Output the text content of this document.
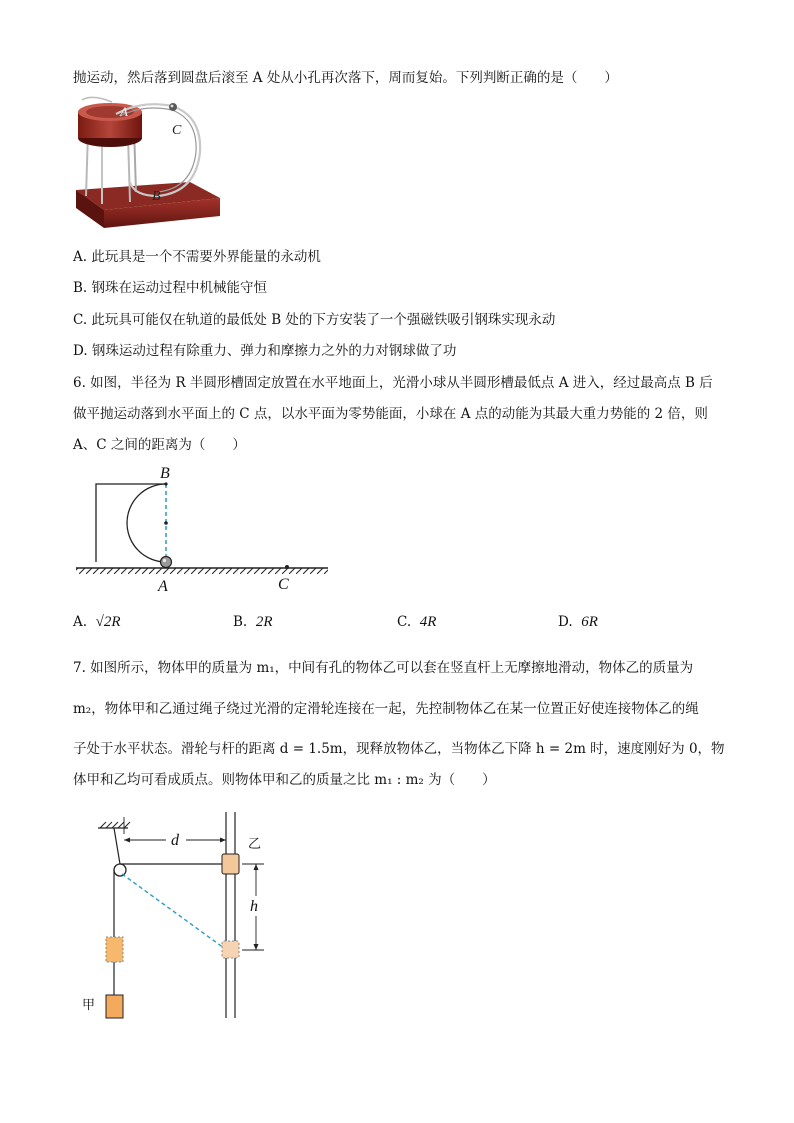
抛运动，然后落到圆盘后滚至 A 处从小孔再次落下，周而复始。下列判断正确的是（　　）
A
C
B
A. 此玩具是一个不需要外界能量的永动机
B. 钢珠在运动过程中机械能守恒
C. 此玩具可能仅在轨道的最低处 B 处的下方安装了一个强磁铁吸引钢珠实现永动
D. 钢珠运动过程有除重力、弹力和摩擦力之外的力对钢球做了功
6. 如图，半径为 R 半圆形槽固定放置在水平地面上，光滑小球从半圆形槽最低点 A 进入，经过最高点 B 后
做平抛运动落到水平面上的 C 点，以水平面为零势能面，小球在 A 点的动能为其最大重力势能的 2 倍，则
A、C 之间的距离为（　　）
B
A	C
A. √2R	B. 2R	C. 4R	D. 6R
7. 如图所示，物体甲的质量为 m₁，中间有孔的物体乙可以套在竖直杆上无摩擦地滑动，物体乙的质量为
m₂，物体甲和乙通过绳子绕过光滑的定滑轮连接在一起，先控制物体乙在某一位置正好使连接物体乙的绳
子处于水平状态。滑轮与杆的距离 d = 1.5m，现释放物体乙，当物体乙下降 h = 2m 时，速度刚好为 0，物
体甲和乙均可看成质点。则物体甲和乙的质量之比 m₁ : m₂ 为（　　）
d
h
乙
甲
